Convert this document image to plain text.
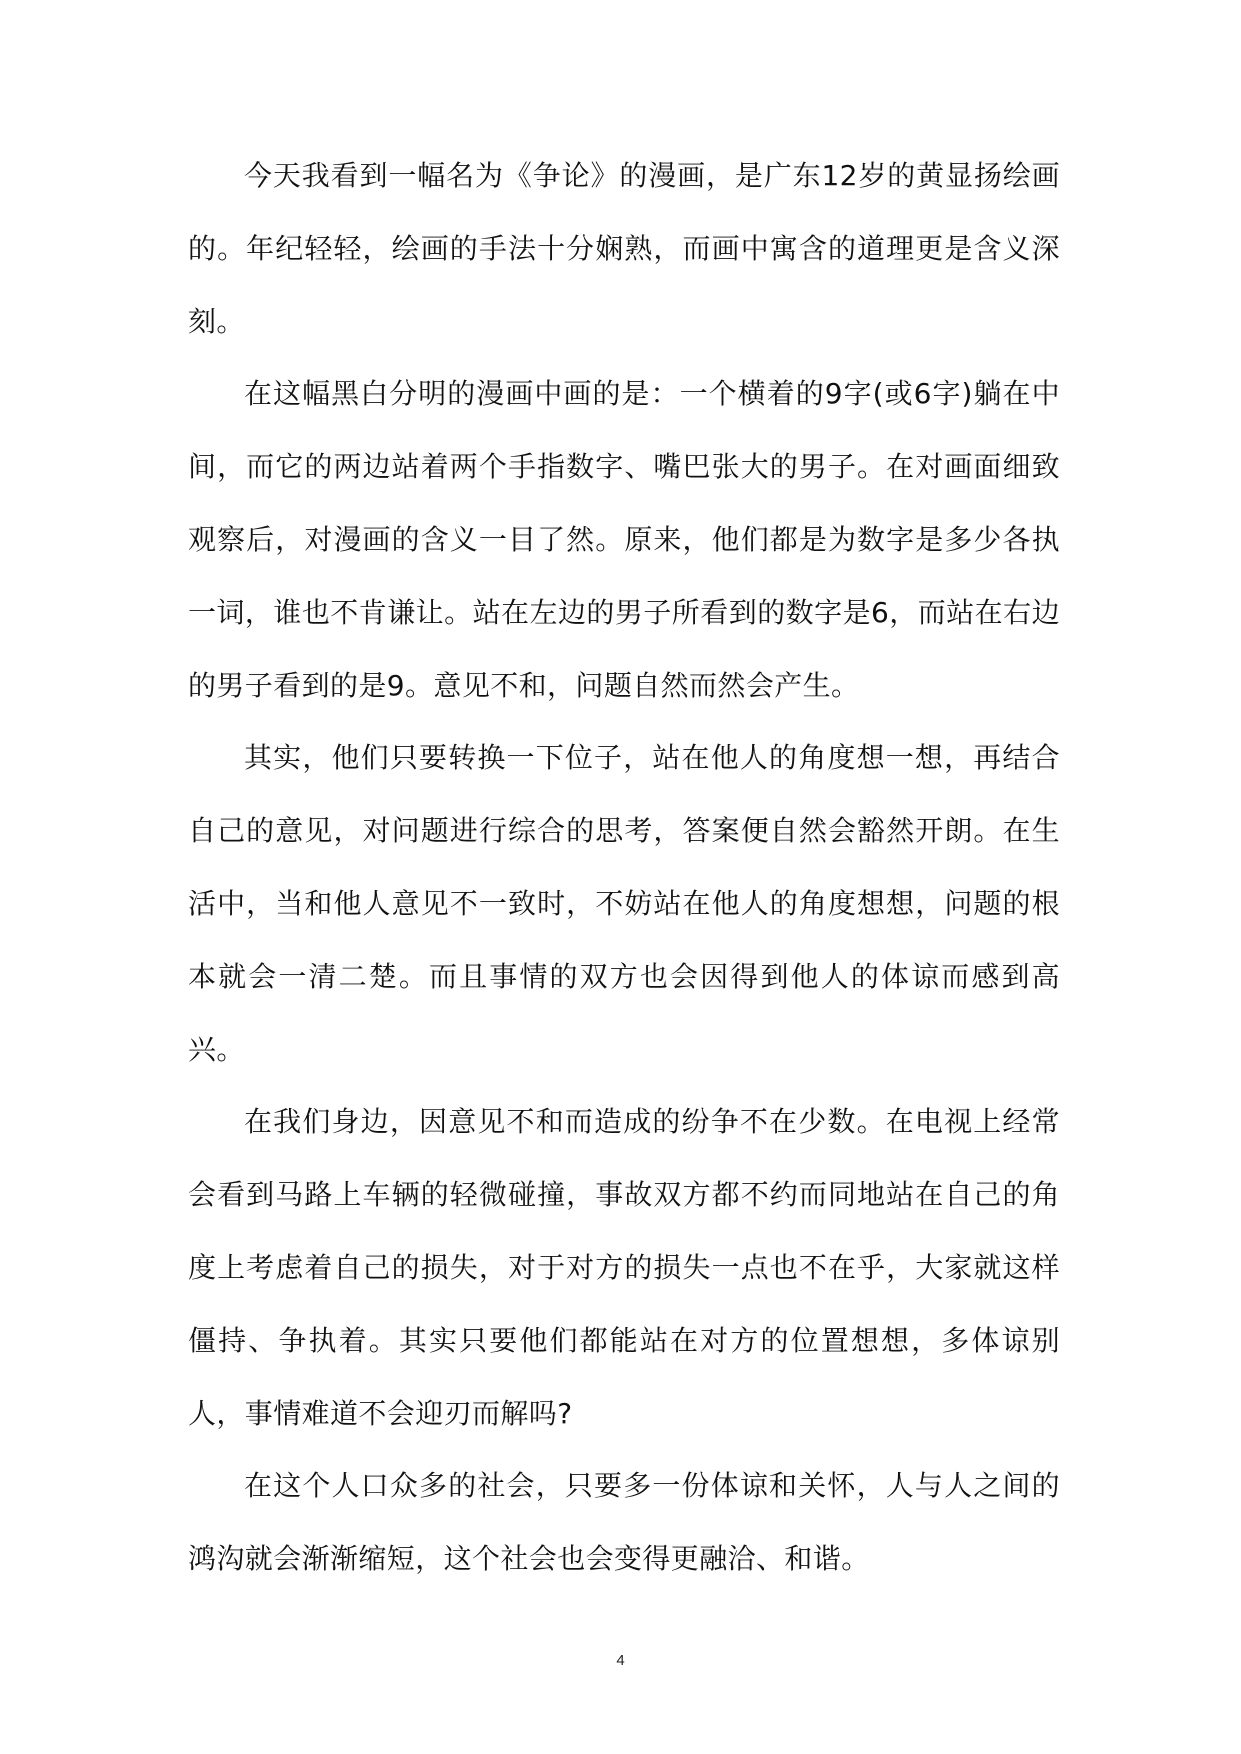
今天我看到一幅名为《争论》的漫画，是广东12岁的黄显扬绘画的。年纪轻轻，绘画的手法十分娴熟，而画中寓含的道理更是含义深刻。

在这幅黑白分明的漫画中画的是：一个横着的9字(或6字)躺在中间，而它的两边站着两个手指数字、嘴巴张大的男子。在对画面细致观察后，对漫画的含义一目了然。原来，他们都是为数字是多少各执一词，谁也不肯谦让。站在左边的男子所看到的数字是6，而站在右边的男子看到的是9。意见不和，问题自然而然会产生。

其实，他们只要转换一下位子，站在他人的角度想一想，再结合自己的意见，对问题进行综合的思考，答案便自然会豁然开朗。在生活中，当和他人意见不一致时，不妨站在他人的角度想想，问题的根本就会一清二楚。而且事情的双方也会因得到他人的体谅而感到高兴。

在我们身边，因意见不和而造成的纷争不在少数。在电视上经常会看到马路上车辆的轻微碰撞，事故双方都不约而同地站在自己的角度上考虑着自己的损失，对于对方的损失一点也不在乎，大家就这样僵持、争执着。其实只要他们都能站在对方的位置想想，多体谅别人，事情难道不会迎刃而解吗?

在这个人口众多的社会，只要多一份体谅和关怀，人与人之间的鸿沟就会渐渐缩短，这个社会也会变得更融洽、和谐。

4
